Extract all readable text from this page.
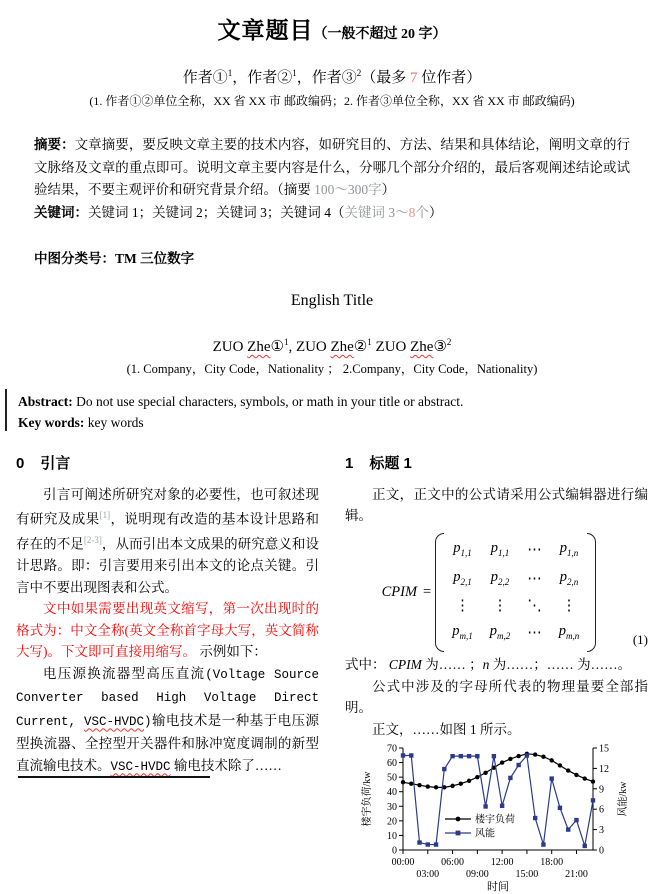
文章题目（一般不超过 20 字）
作者①$^1$，作者②$^1$，作者③$^2$（最多 7 位作者）
(1. 作者①②单位全称，XX 省 XX 市 邮政编码；2. 作者③单位全称，XX 省 XX 市 邮政编码)
摘要：文章摘要，要反映文章主要的技术内容，如研究目的、方法、结果和具体结论，阐明文章的行文脉络及文章的重点即可。说明文章主要内容是什么，分哪几个部分介绍的，最后客观阐述结论或试验结果，不要主观评价和研究背景介绍。（摘要 100～300字）
关键词：关键词 1；关键词 2；关键词 3；关键词 4（关键词 3～8个）
中图分类号：TM 三位数字
English Title
ZUO Zhe①$^1$, ZUO Zhe②$^1$ ZUO Zhe③$^2$
(1. Company，City Code，Nationality ； 2.Company，City Code，Nationality)
Abstract: Do not use special characters, symbols, or math in your title or abstract.
Key words: key words
0 引言

引言可阐述所研究对象的必要性，也可叙述现有研究及成果[1]，说明现有改造的基本设计思路和存在的不足[2-3]，从而引出本文成果的研究意义和设计思路。即：引言要用来引出本文的论点关键。引言中不要出现图表和公式。

文中如果需要出现英文缩写，第一次出现时的格式为：中文全称(英文全称首字母大写，英文简称大写)。下文即可直接用缩写。 示例如下：

电压源换流器型高压直流(Voltage Source Converter based High Voltage Direct Current, VSC-HVDC)输电技术是一种基于电压源型换流器、全控型开关器件和脉冲宽度调制的新型直流输电技术。VSC-HVDC 输电技术除了……

1 标题 1

正文，正文中的公式请采用公式编辑器进行编辑。

CPIM =
$p_{1,1}$ $p_{1,1}$ ⋯ $p_{1,n}$
$p_{2,1}$ $p_{2,2}$ ⋯ $p_{2,n}$
⋮ ⋮ ⋱ ⋮
$p_{m,1}$ $p_{m,2}$ ⋯ $p_{m,n}$	(1)

式中： CPIM 为…… ；n 为……；…… 为……。

公式中涉及的字母所代表的物理量要全部指明。

正文，……如图 1 所示。

0
10
20
30
40
50
60
70
0
3
6
9
12
15
00:00
03:00
06:00
09:00
12:00
15:00
18:00
21:00
时间
楼宇负荷/kw	风能/kw
楼宇负荷
风能
